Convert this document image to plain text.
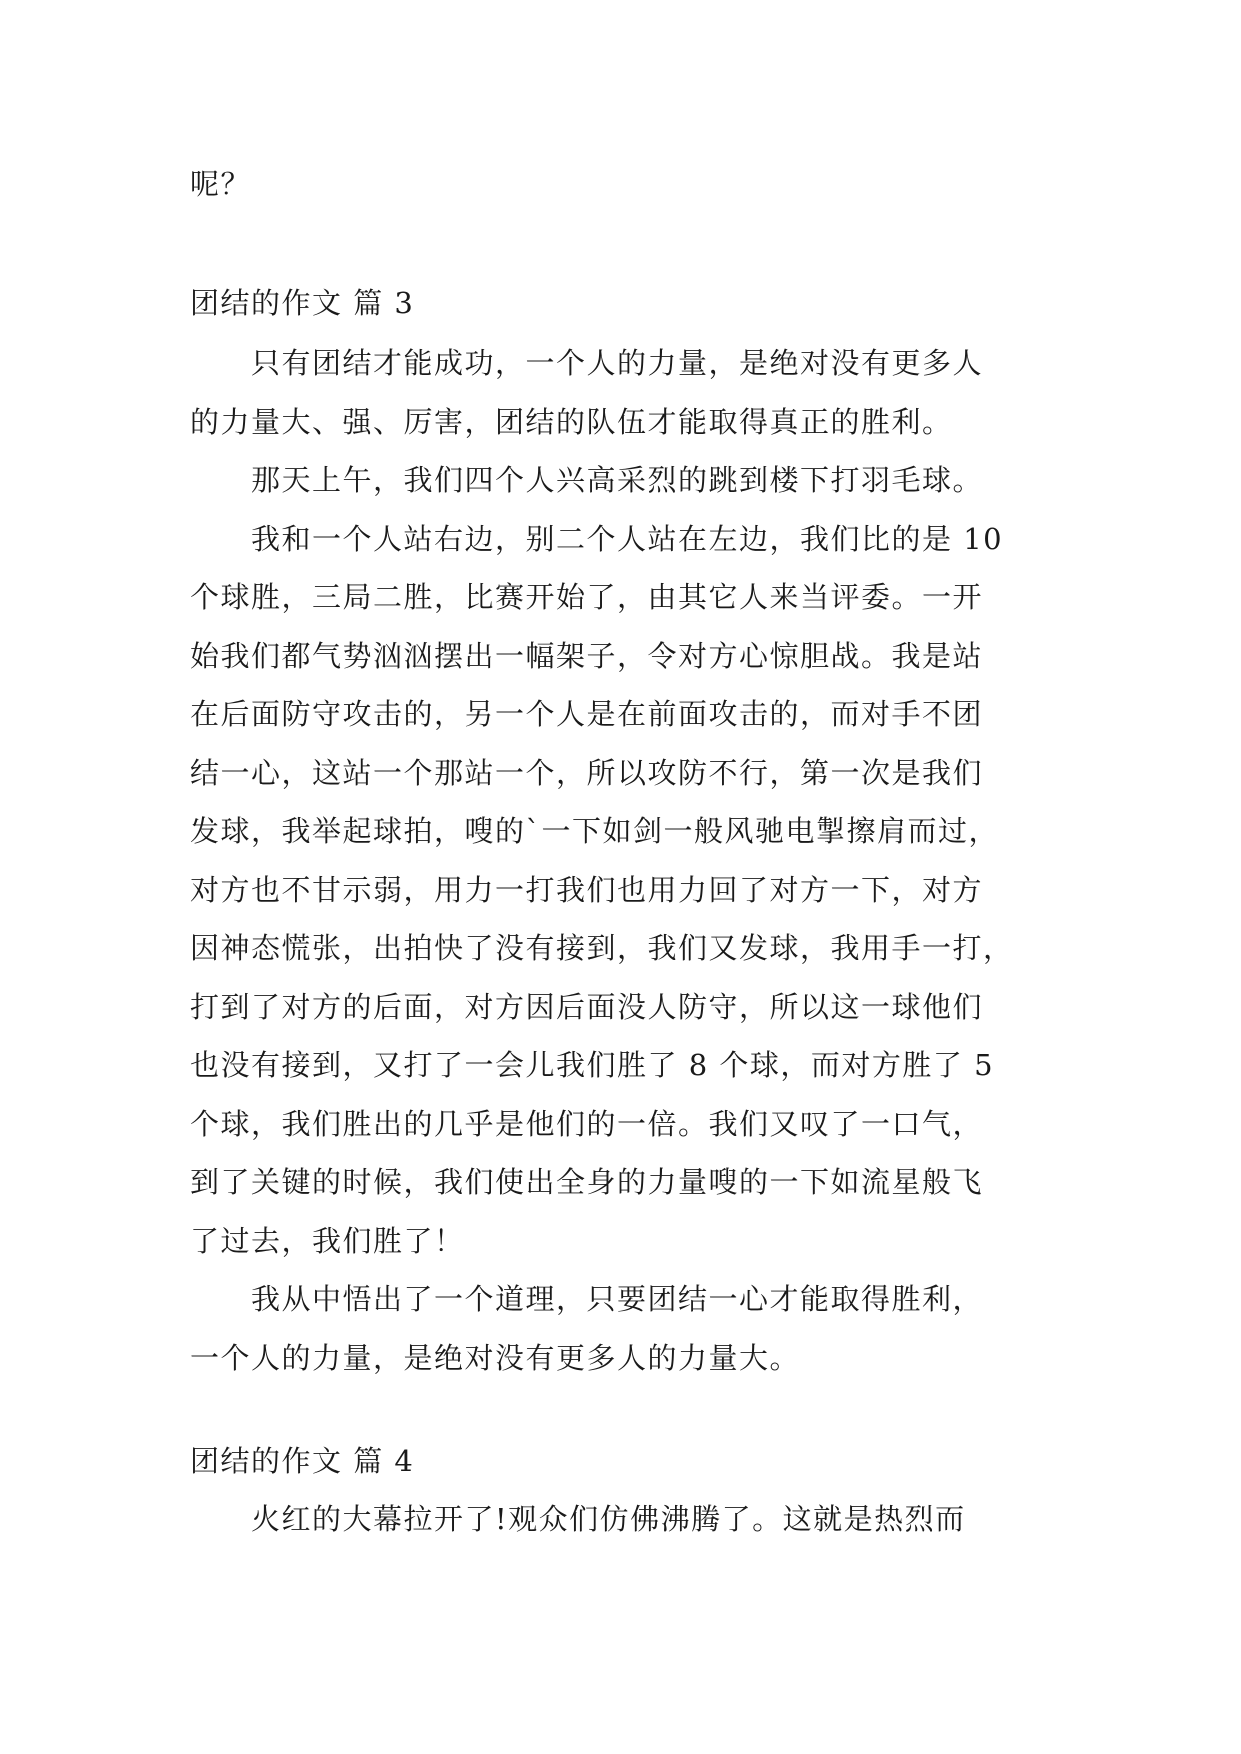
呢？
团结的作文 篇 3
　　只有团结才能成功，一个人的力量，是绝对没有更多人
的力量大、强、厉害，团结的队伍才能取得真正的胜利。
　　那天上午，我们四个人兴高采烈的跳到楼下打羽毛球。
　　我和一个人站右边，别二个人站在左边，我们比的是 10
个球胜，三局二胜，比赛开始了，由其它人来当评委。一开
始我们都气势汹汹摆出一幅架子，令对方心惊胆战。我是站
在后面防守攻击的，另一个人是在前面攻击的，而对手不团
结一心，这站一个那站一个，所以攻防不行，第一次是我们
发球，我举起球拍，嗖的`一下如剑一般风驰电掣擦肩而过，
对方也不甘示弱，用力一打我们也用力回了对方一下，对方
因神态慌张，出拍快了没有接到，我们又发球，我用手一打，
打到了对方的后面，对方因后面没人防守，所以这一球他们
也没有接到，又打了一会儿我们胜了 8 个球，而对方胜了 5
个球，我们胜出的几乎是他们的一倍。我们又叹了一口气，
到了关键的时候，我们使出全身的力量嗖的一下如流星般飞
了过去，我们胜了！
　　我从中悟出了一个道理，只要团结一心才能取得胜利，
一个人的力量，是绝对没有更多人的力量大。
团结的作文 篇 4
　　火红的大幕拉开了!观众们仿佛沸腾了。这就是热烈而
